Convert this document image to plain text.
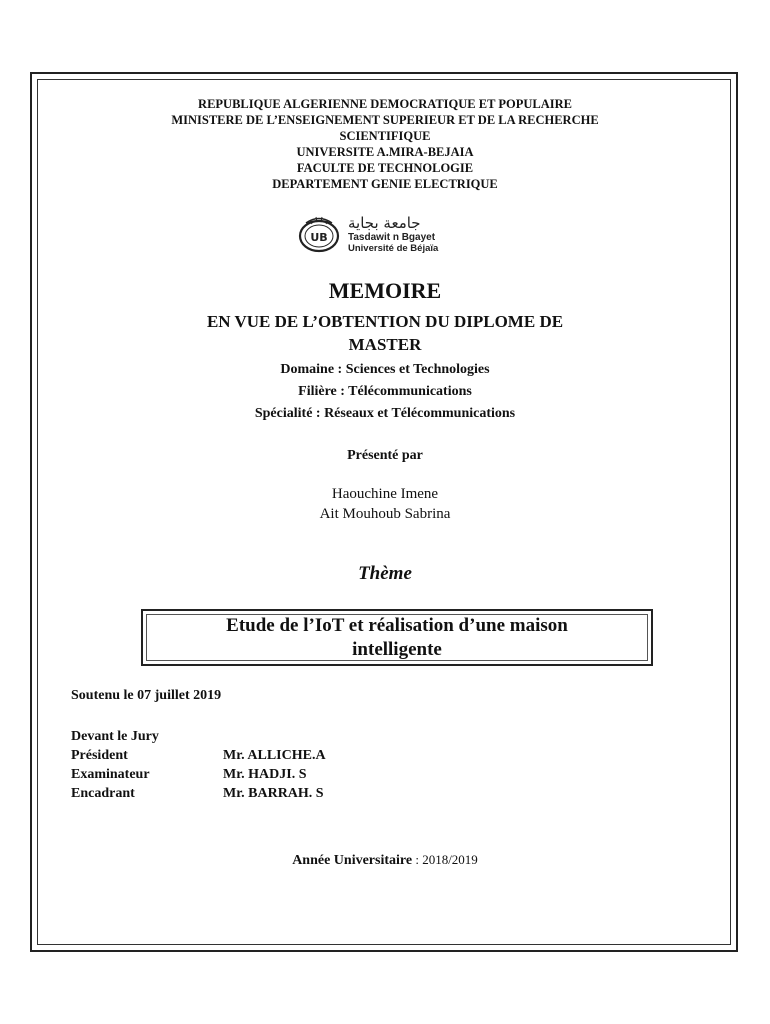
REPUBLIQUE ALGERIENNE DEMOCRATIQUE ET POPULAIRE
MINISTERE DE L’ENSEIGNEMENT SUPERIEUR ET DE LA RECHERCHE
SCIENTIFIQUE
UNIVERSITE A.MIRA-BEJAIA
FACULTE DE TECHNOLOGIE
DEPARTEMENT GENIE ELECTRIQUE
UB
جامعة بجاية
Tasdawit n Bgayet
Université de Béjaïa
MEMOIRE
EN VUE DE L’OBTENTION DU DIPLOME DE
MASTER
Domaine : Sciences et Technologies
Filière : Télécommunications
Spécialité : Réseaux et Télécommunications
Présenté par
Haouchine Imene
Ait Mouhoub Sabrina
Thème
Etude de l’IoT et réalisation d’une maison
intelligente
Soutenu le 07 juillet 2019
Devant le Jury
Président	Mr. ALLICHE.A
Examinateur	Mr. HADJI. S
Encadrant	Mr. BARRAH. S
Année Universitaire : 2018/2019
